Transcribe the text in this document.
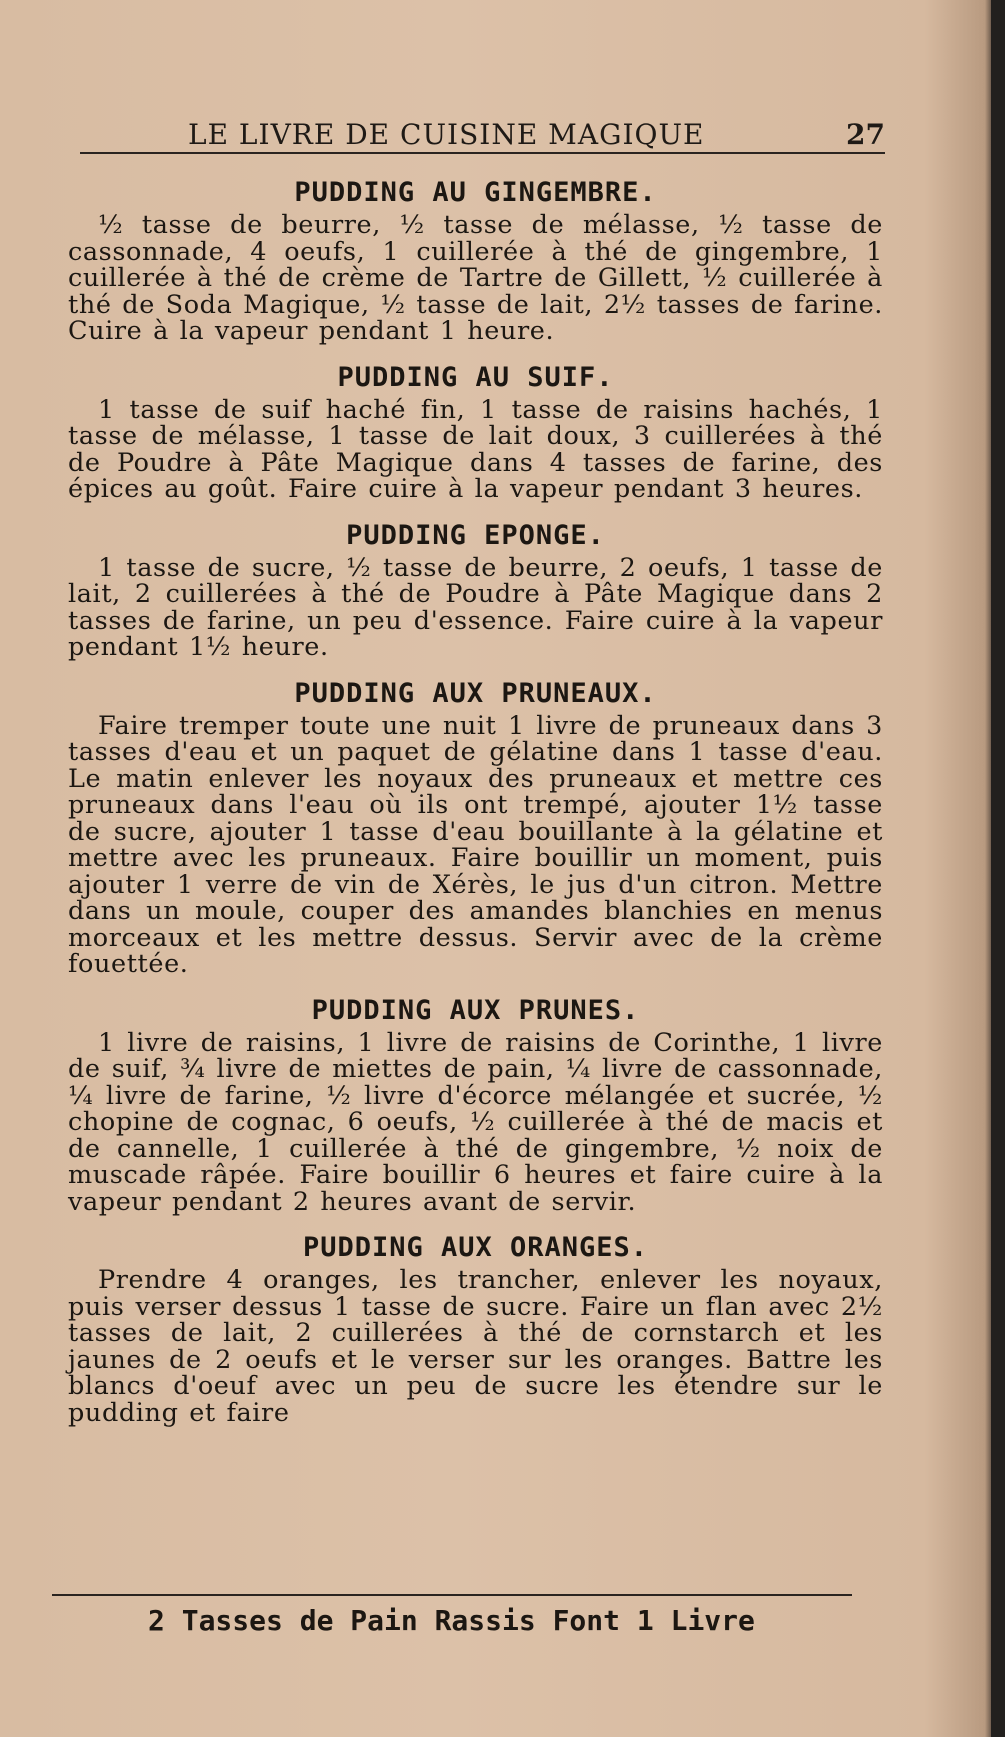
LE LIVRE DE CUISINE MAGIQUE	27
PUDDING AU GINGEMBRE.

½ tasse de beurre, ½ tasse de mélasse, ½ tasse de cassonnade, 4 oeufs, 1 cuillerée à thé de gingembre, 1 cuillerée à thé de crème de Tartre de Gillett, ½ cuillerée à thé de Soda Magique, ½ tasse de lait, 2½ tasses de farine. Cuire à la vapeur pendant 1 heure.

PUDDING AU SUIF.

1 tasse de suif haché fin, 1 tasse de raisins hachés, 1 tasse de mélasse, 1 tasse de lait doux, 3 cuillerées à thé de Poudre à Pâte Magique dans 4 tasses de farine, des épices au goût. Faire cuire à la vapeur pendant 3 heures.

PUDDING EPONGE.

1 tasse de sucre, ½ tasse de beurre, 2 oeufs, 1 tasse de lait, 2 cuillerées à thé de Poudre à Pâte Magique dans 2 tasses de farine, un peu d'essence. Faire cuire à la vapeur pendant 1½ heure.

PUDDING AUX PRUNEAUX.

Faire tremper toute une nuit 1 livre de pruneaux dans 3 tasses d'eau et un paquet de gélatine dans 1 tasse d'eau. Le matin enlever les noyaux des pruneaux et mettre ces pruneaux dans l'eau où ils ont trempé, ajouter 1½ tasse de sucre, ajouter 1 tasse d'eau bouillante à la gélatine et mettre avec les pruneaux. Faire bouillir un moment, puis ajouter 1 verre de vin de Xérès, le jus d'un citron. Mettre dans un moule, couper des amandes blanchies en menus morceaux et les mettre dessus. Servir avec de la crème fouettée.

PUDDING AUX PRUNES.

1 livre de raisins, 1 livre de raisins de Corinthe, 1 livre de suif, ¾ livre de miettes de pain, ¼ livre de cassonnade, ¼ livre de farine, ½ livre d'écorce mélangée et sucrée, ½ chopine de cognac, 6 oeufs, ½ cuillerée à thé de macis et de cannelle, 1 cuillerée à thé de gingembre, ½ noix de muscade râpée. Faire bouillir 6 heures et faire cuire à la vapeur pendant 2 heures avant de servir.

PUDDING AUX ORANGES.

Prendre 4 oranges, les trancher, enlever les noyaux, puis verser dessus 1 tasse de sucre. Faire un flan avec 2½ tasses de lait, 2 cuillerées à thé de cornstarch et les jaunes de 2 oeufs et le verser sur les oranges. Battre les blancs d'oeuf avec un peu de sucre les étendre sur le pudding et faire

2 Tasses de Pain Rassis Font 1 Livre
